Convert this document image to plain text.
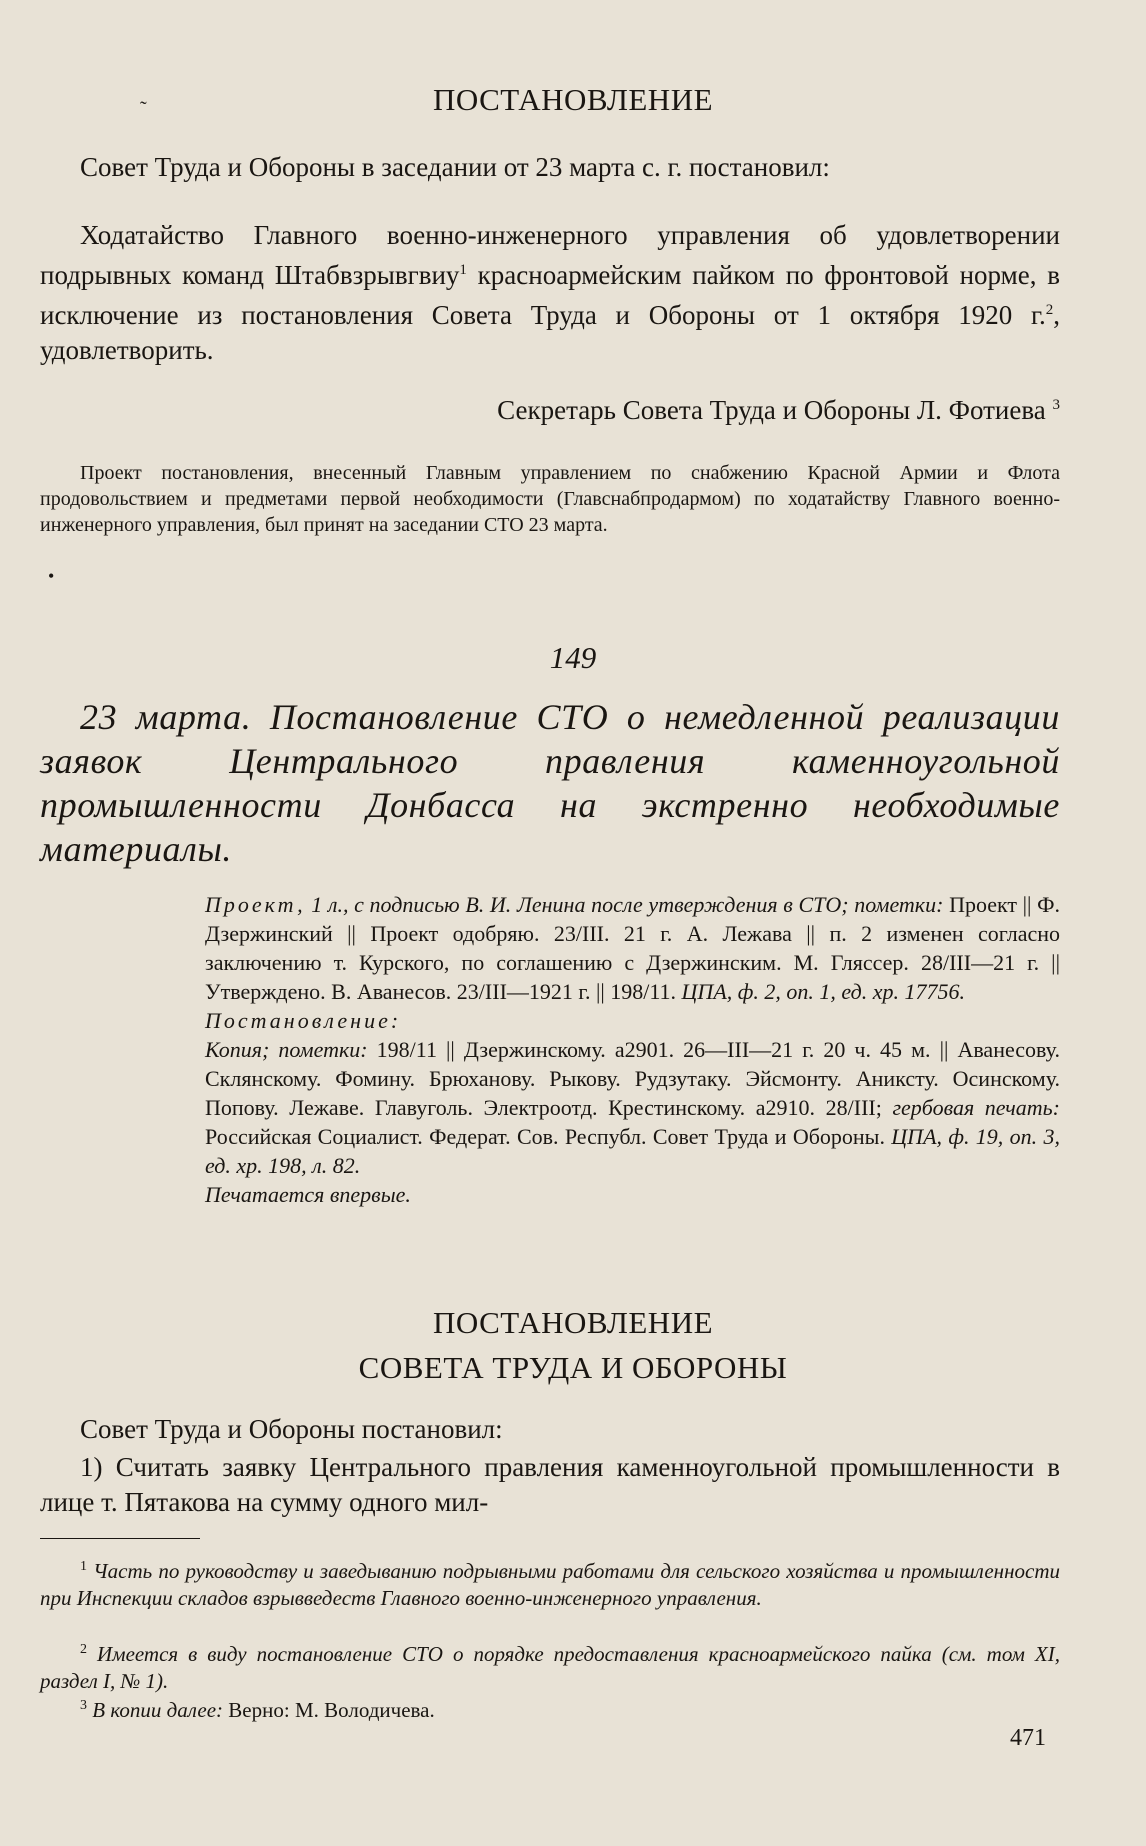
˜	ПОСТАНОВЛЕНИЕ
Совет Труда и Обороны в заседании от 23 марта с. г. постановил:
Ходатайство Главного военно-инженерного управления об удовлетворении подрывных команд Штабвзрывгвиу$^1$ красноармейским пайком по фронтовой норме, в исключение из постановления Совета Труда и Обороны от 1 октября 1920 г.$^2$, удовлетворить.
Секретарь Совета Труда и Обороны Л. Фотиева $^3$
Проект постановления, внесенный Главным управлением по снабжению Красной Армии и Флота продовольствием и предметами первой необходимости (Главснабпродармом) по ходатайству Главного военно-инженерного управления, был принят на заседании СТО 23 марта.
•
149
23 марта. Постановление СТО о немедленной реализации заявок Центрального правления каменноугольной промышленности Донбасса на экстренно необходимые материалы.
Проект, 1 л., с подписью В. И. Ленина после утверждения в СТО; пометки: Проект || Ф. Дзержинский || Проект одобряю. 23/III. 21 г. А. Лежава || п. 2 изменен согласно заключению т. Курского, по соглашению с Дзержинским. М. Гляссер. 28/III—21 г. || Утверждено. В. Аванесов. 23/III—1921 г. || 198/11. ЦПА, ф. 2, оп. 1, ед. хр. 17756.
Постановление:
Копия; пометки: 198/11 || Дзержинскому. а2901. 26—III—21 г. 20 ч. 45 м. || Аванесову. Склянскому. Фомину. Брюханову. Рыкову. Рудзутаку. Эйсмонту. Аниксту. Осинскому. Попову. Лежаве. Главуголь. Электроотд. Крестинскому. а2910. 28/III; гербовая печать: Российская Социалист. Федерат. Сов. Республ. Совет Труда и Обороны. ЦПА, ф. 19, оп. 3, ед. хр. 198, л. 82.
Печатается впервые.
ПОСТАНОВЛЕНИЕ
СОВЕТА ТРУДА И ОБОРОНЫ
Совет Труда и Обороны постановил:
1) Считать заявку Центрального правления каменноугольной промышленности в лице т. Пятакова на сумму одного мил-
$^1$ Часть по руководству и заведыванию подрывными работами для сельского хозяйства и промышленности при Инспекции складов взрывведеств Главного военно-инженерного управления.
$^2$ Имеется в виду постановление СТО о порядке предоставления красноармейского пайка (см. том XI, раздел I, № 1).
$^3$ В копии далее: Верно: М. Володичева.
471
